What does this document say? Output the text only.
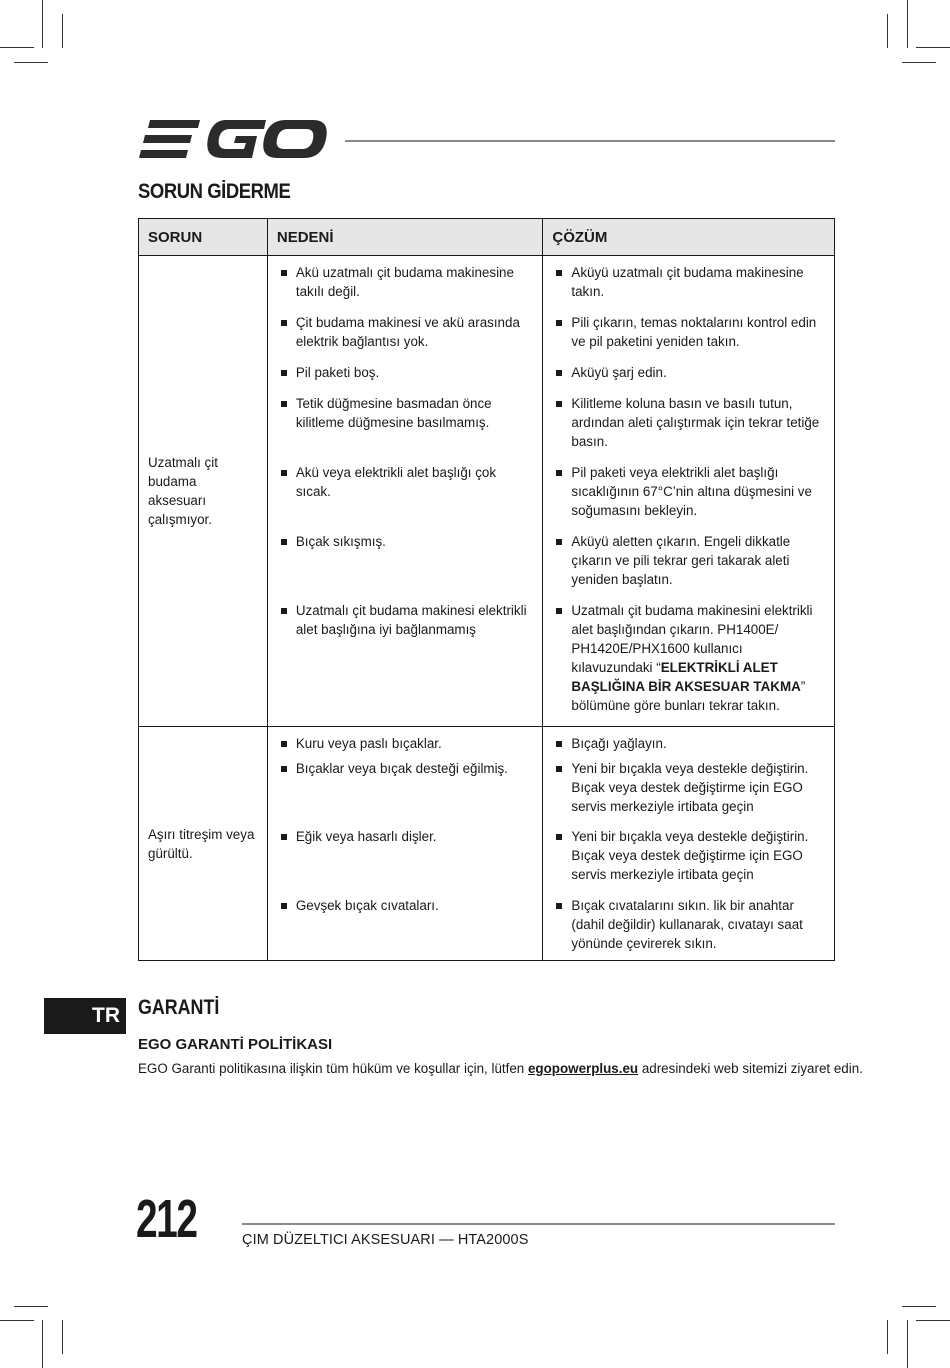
SORUN GİDERME
SORUN	NEDENİ	ÇÖZÜM
Uzatmalı çit budama aksesuarı çalışmıyor.	Akü uzatmalı çit budama makinesine takılı değil.	Aküyü uzatmalı çit budama makinesine takın.

	Çit budama makinesi ve akü arasında elektrik bağlantısı yok.	Pili çıkarın, temas noktalarını kontrol edin ve pil paketini yeniden takın.

	Pil paketi boş.	Aküyü şarj edin.

	Tetik düğmesine basmadan önce kilitleme düğmesine basılmamış.	Kilitleme koluna basın ve basılı tutun, ardından aleti çalıştırmak için tekrar tetiğe basın.

	Akü veya elektrikli alet başlığı çok sıcak.	Pil paketi veya elektrikli alet başlığı sıcaklığının 67°C’nin altına düşmesini ve soğumasını bekleyin.

	Bıçak sıkışmış.	Aküyü aletten çıkarın. Engeli dikkatle çıkarın ve pili tekrar geri takarak aleti yeniden başlatın.

	Uzatmalı çit budama makinesi elektrikli alet başlığına iyi bağlanmamış	Uzatmalı çit budama makinesini elektrikli alet başlığından çıkarın. PH1400E/ PH1420E/PHX1600 kullanıcı kılavuzundaki “ELEKTRİKLİ ALET BAŞLIĞINA BİR AKSESUAR TAKMA” bölümüne göre bunları tekrar takın.

Aşırı titreşim veya gürültü.	Kuru veya paslı bıçaklar.	Bıçağı yağlayın.

	Bıçaklar veya bıçak desteği eğilmiş.	Yeni bir bıçakla veya destekle değiştirin. Bıçak veya destek değiştirme için EGO servis merkeziyle irtibata geçin

	Eğik veya hasarlı dişler.	Yeni bir bıçakla veya destekle değiştirin. Bıçak veya destek değiştirme için EGO servis merkeziyle irtibata geçin

	Gevşek bıçak cıvataları.	Bıçak cıvatalarını sıkın. lik bir anahtar (dahil değildir) kullanarak, cıvatayı saat yönünde çevirerek sıkın.
TR GARANTİ
EGO GARANTİ POLİTİKASI

EGO Garanti politikasına ilişkin tüm hüküm ve koşullar için, lütfen egopowerplus.eu adresindeki web sitemizi ziyaret edin.

212	ÇIM DÜZELTICI AKSESUARI — HTA2000S
